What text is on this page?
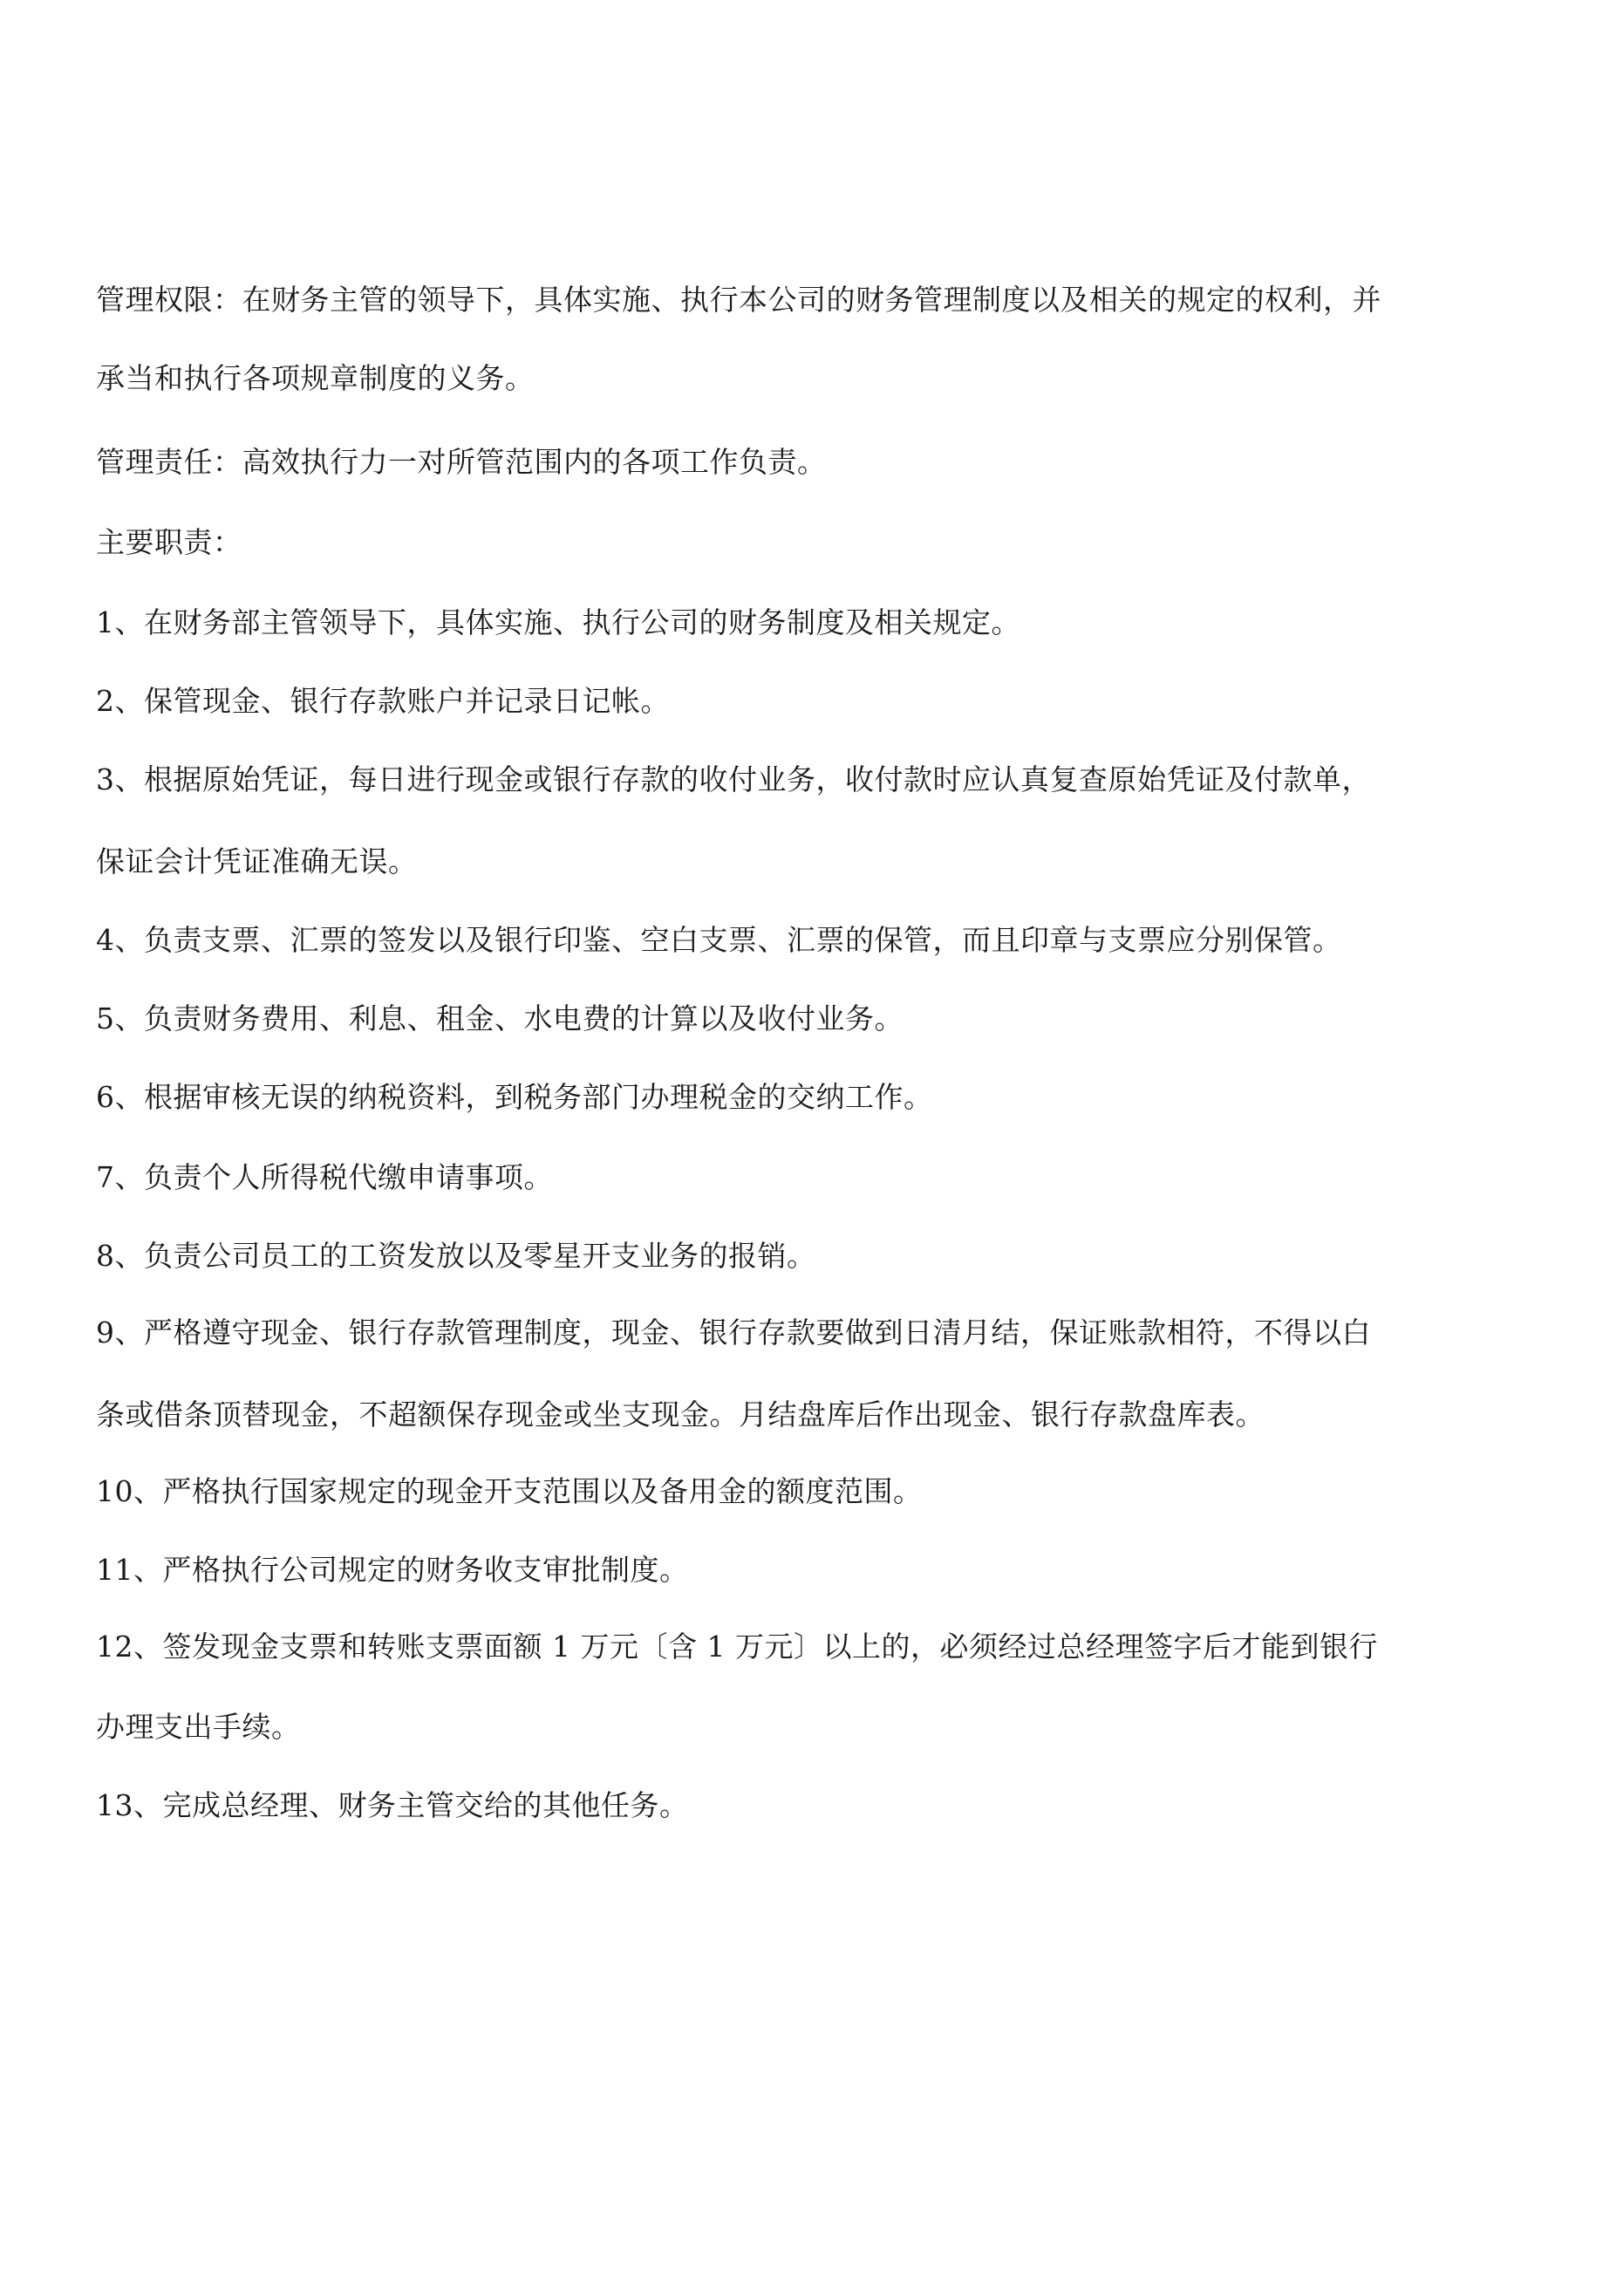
管理权限：在财务主管的领导下，具体实施、执行本公司的财务管理制度以及相关的规定的权利，并
承当和执行各项规章制度的义务。
管理责任：高效执行力一对所管范围内的各项工作负责。
主要职责：
1、在财务部主管领导下，具体实施、执行公司的财务制度及相关规定。
2、保管现金、银行存款账户并记录日记帐。
3、根据原始凭证，每日进行现金或银行存款的收付业务，收付款时应认真复查原始凭证及付款单，
保证会计凭证准确无误。
4、负责支票、汇票的签发以及银行印鉴、空白支票、汇票的保管，而且印章与支票应分别保管。
5、负责财务费用、利息、租金、水电费的计算以及收付业务。
6、根据审核无误的纳税资料，到税务部门办理税金的交纳工作。
7、负责个人所得税代缴申请事项。
8、负责公司员工的工资发放以及零星开支业务的报销。
9、严格遵守现金、银行存款管理制度，现金、银行存款要做到日清月结，保证账款相符，不得以白
条或借条顶替现金，不超额保存现金或坐支现金。月结盘库后作出现金、银行存款盘库表。
10、严格执行国家规定的现金开支范围以及备用金的额度范围。
11、严格执行公司规定的财务收支审批制度。
12、签发现金支票和转账支票面额 1 万元〔含 1 万元〕以上的，必须经过总经理签字后才能到银行
办理支出手续。
13、完成总经理、财务主管交给的其他任务。
